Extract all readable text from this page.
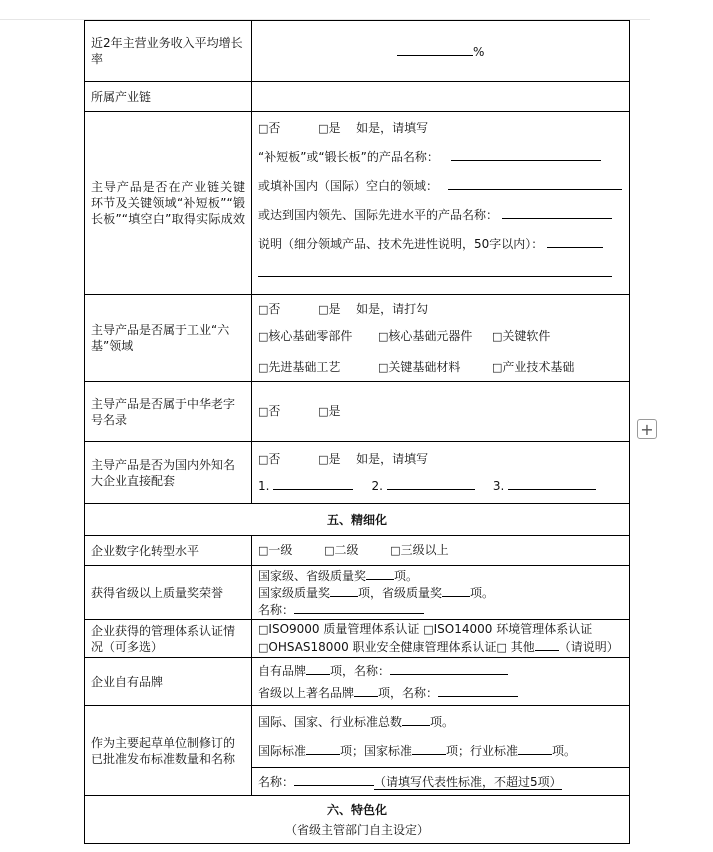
近2年主营业务收入平均增长率	%
所属产业链	
主导产品是否在产业链关键环节及关键领域“补短板”“锻长板”“填空白”取得实际成效	□否 □是 如是，请填写
“补短板”或“锻长板”的产品名称：
或填补国内（国际）空白的领域：
或达到国内领先、国际先进水平的产品名称：
说明（细分领域产品、技术先进性说明，50字以内）：

主导产品是否属于工业“六基”领域	□否 □是 如是，请打勾
□核心基础零部件 □核心基础元器件 □关键软件
□先进基础工艺 □关键基础材料 □产业技术基础

主导产品是否属于中华老字号名录	□否 □是
主导产品是否为国内外知名大企业直接配套	□否 □是 如是，请填写
1. 2. 3.

五、精细化	
企业数字化转型水平	□一级 □二级 □三级以上
获得省级以上质量奖荣誉	国家级、省级质量奖 项。
国家级质量奖 项，省级质量奖 项。
名称：

企业获得的管理体系认证情况（可多选）	□ISO9000 质量管理体系认证 □ISO14000 环境管理体系认证
□OHSAS18000 职业安全健康管理体系认证□ 其他 （请说明）

企业自有品牌	自有品牌 项，名称：
省级以上著名品牌 项，名称：

作为主要起草单位制修订的已批准发布标准数量和名称	国际、国家、行业标准总数 项。
国际标准 项；国家标准 项；行业标准 项。

	名称： （请填写代表性标准，不超过5项）

六、特色化
（省级主管部门自主设定）	
+
